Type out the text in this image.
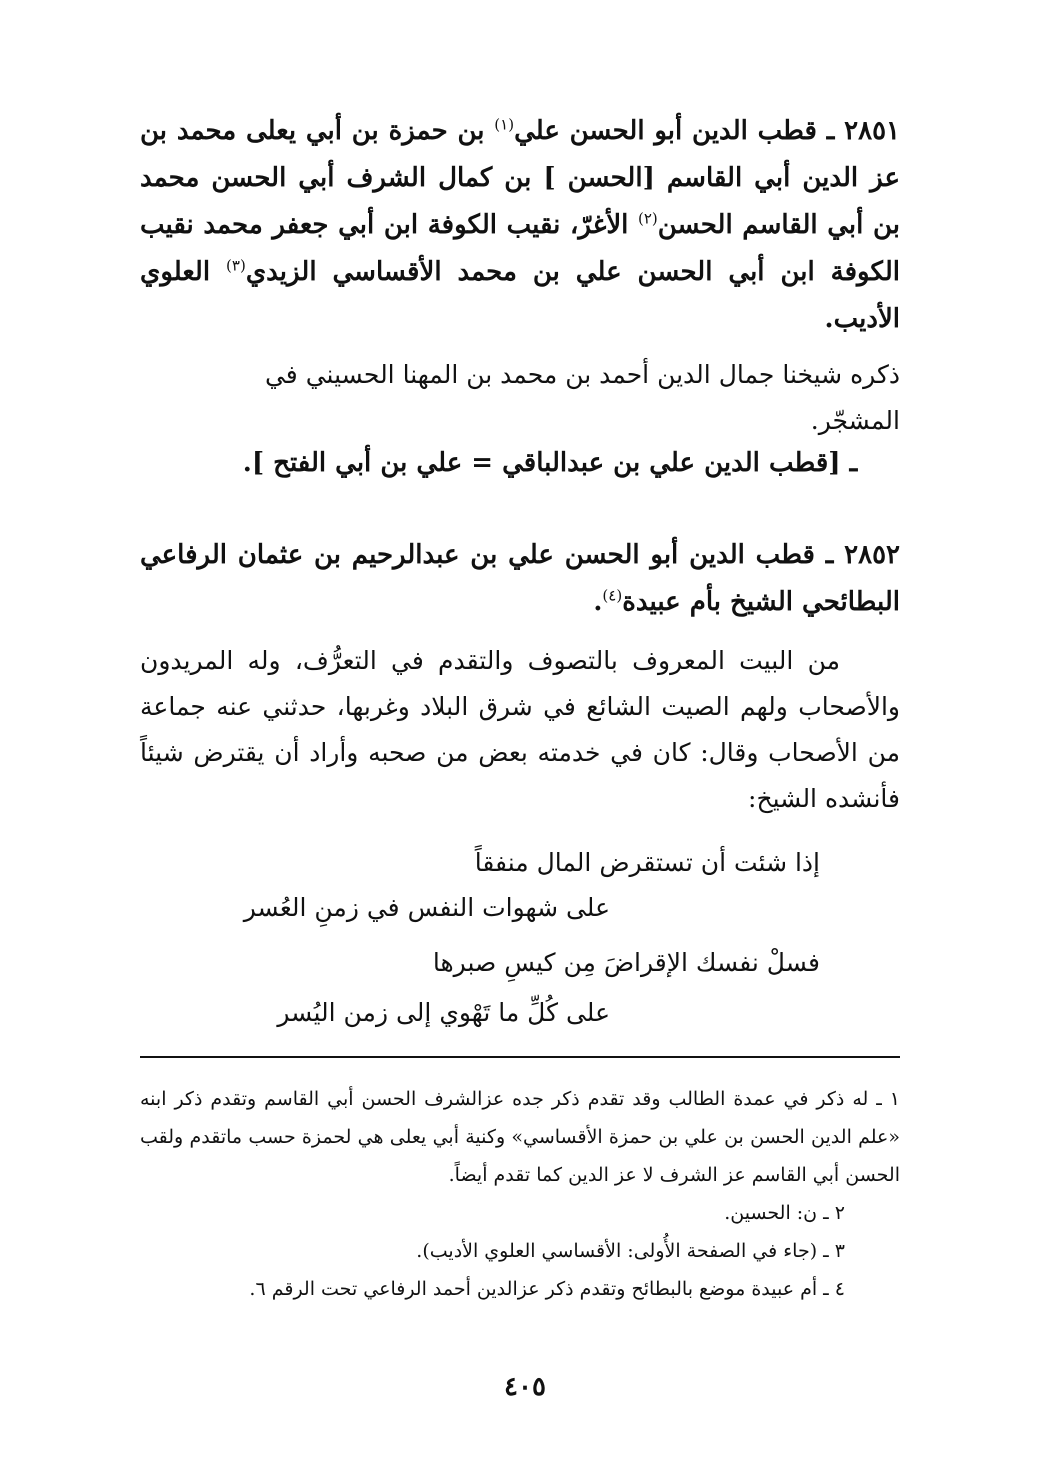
٢٨٥١ ـ قطب الدين أبو الحسن علي$^{(١)}$ بن حمزة بن أبي يعلى محمد بن عز الدين أبي القاسم [الحسن ] بن كمال الشرف أبي الحسن محمد بن أبي القاسم الحسن$^{(٢)}$ الأغرّ، نقيب الكوفة ابن أبي جعفر محمد نقيب الكوفة ابن أبي الحسن علي بن محمد الأقساسي الزيدي$^{(٣)}$ العلوي الأديب.
ذكره شيخنا جمال الدين أحمد بن محمد بن المهنا الحسيني في المشجّر.
ـ [قطب الدين علي بن عبدالباقي = علي بن أبي الفتح ].
٢٨٥٢ ـ قطب الدين أبو الحسن علي بن عبدالرحيم بن عثمان الرفاعي البطائحي الشيخ بأم عبيدة$^{(٤)}$.
من البيت المعروف بالتصوف والتقدم في التعرُّف، وله المريدون والأصحاب ولهم الصيت الشائع في شرق البلاد وغربها، حدثني عنه جماعة من الأصحاب وقال: كان في خدمته بعض من صحبه وأراد أن يقترض شيئاً فأنشده الشيخ:
إذا شئت أن تستقرض المال منفقاً
على شهوات النفس في زمنِ العُسر
فسلْ نفسك الإقراضَ مِن كيسِ صبرها
على كُلِّ ما تَهْوي إلى زمن اليُسر
١ ـ له ذكر في عمدة الطالب وقد تقدم ذكر جده عزالشرف الحسن أبي القاسم وتقدم ذكر ابنه «علم الدين الحسن بن علي بن حمزة الأقساسي» وكنية أبي يعلى هي لحمزة حسب ماتقدم ولقب الحسن أبي القاسم عز الشرف لا عز الدين كما تقدم أيضاً.
٢ ـ ن: الحسين.
٣ ـ (جاء في الصفحة الأُولى: الأقساسي العلوي الأديب).
٤ ـ أم عبيدة موضع بالبطائح وتقدم ذكر عزالدين أحمد الرفاعي تحت الرقم ٦.
٤٠٥
